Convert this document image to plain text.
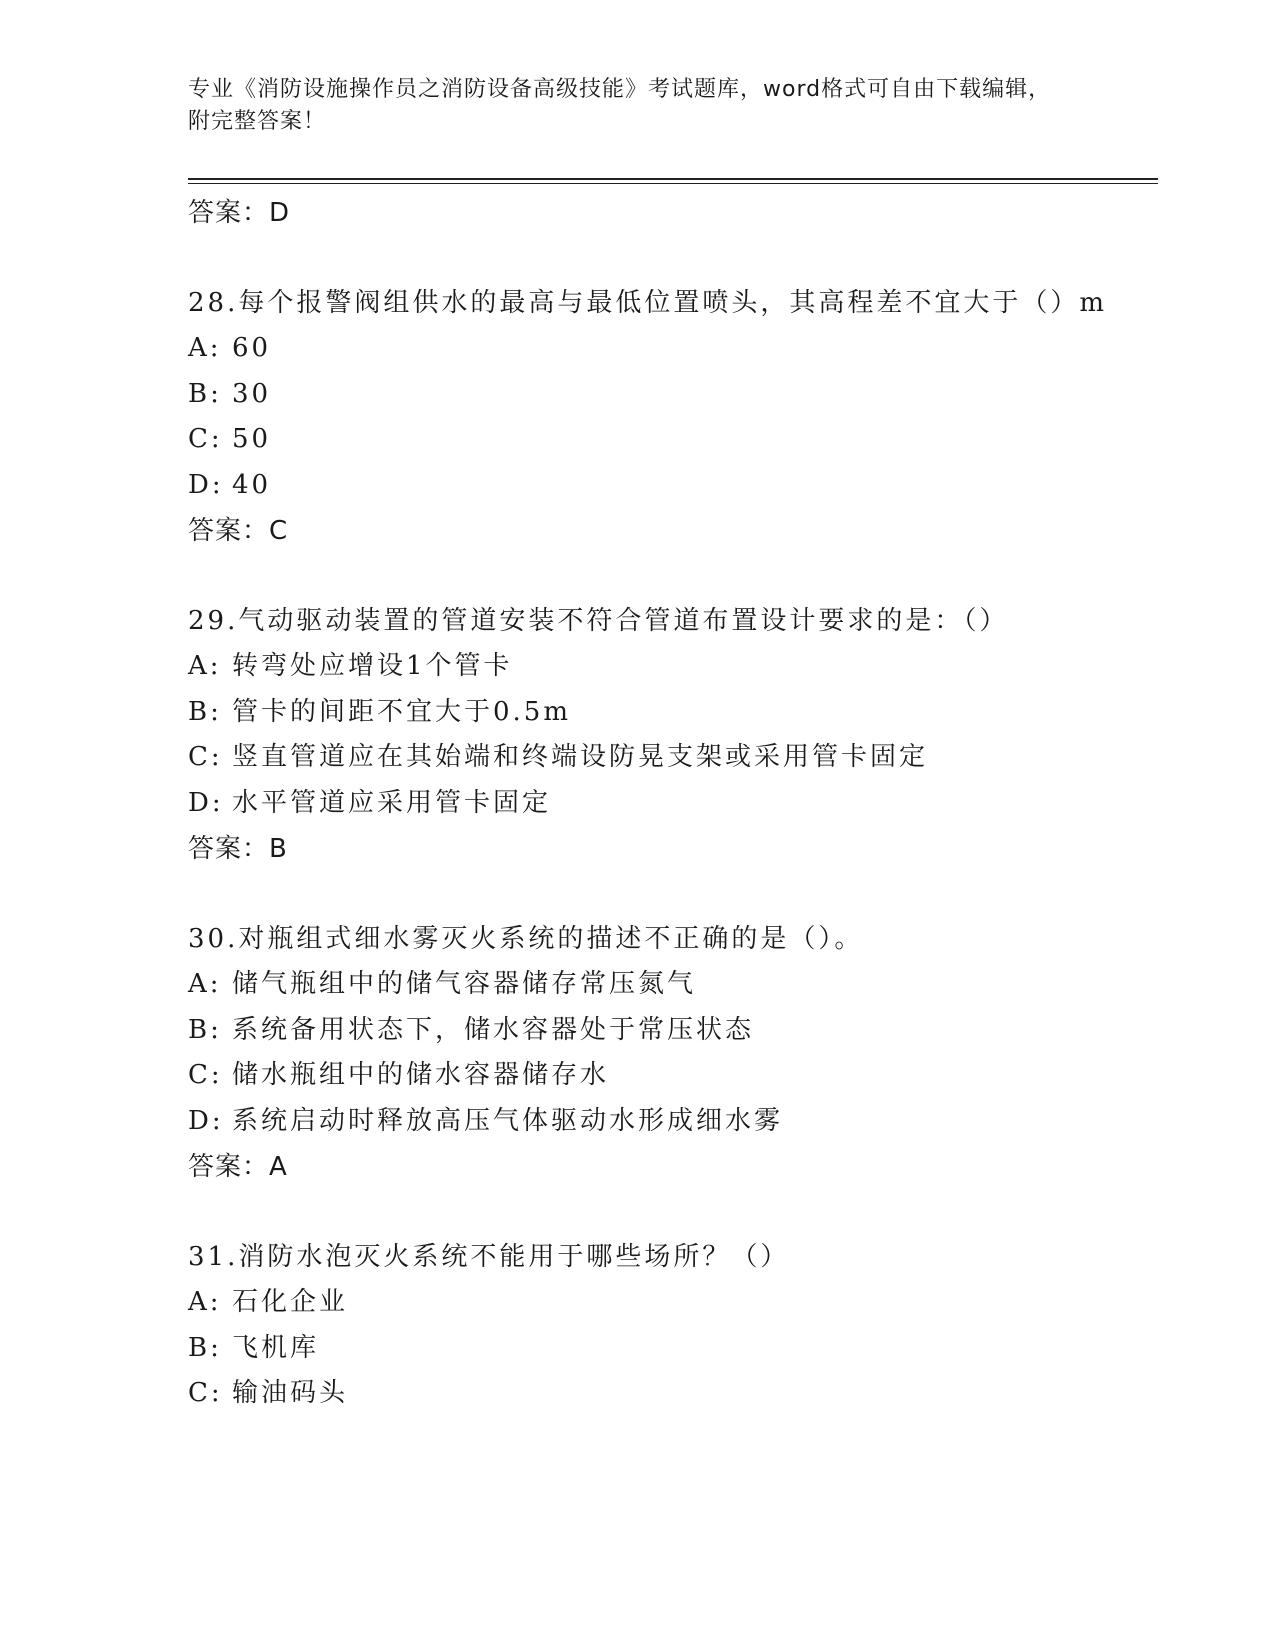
专业《消防设施操作员之消防设备高级技能》考试题库，word格式可自由下载编辑，附完整答案！
答案：D
28.每个报警阀组供水的最高与最低位置喷头，其高程差不宜大于（）m
A: 60
B: 30
C: 50
D: 40
答案：C
29.气动驱动装置的管道安装不符合管道布置设计要求的是：（）
A: 转弯处应增设1个管卡
B: 管卡的间距不宜大于0.5m
C: 竖直管道应在其始端和终端设防晃支架或采用管卡固定
D: 水平管道应采用管卡固定
答案：B
30.对瓶组式细水雾灭火系统的描述不正确的是（）。
A: 储气瓶组中的储气容器储存常压氮气
B: 系统备用状态下，储水容器处于常压状态
C: 储水瓶组中的储水容器储存水
D: 系统启动时释放高压气体驱动水形成细水雾
答案：A
31.消防水泡灭火系统不能用于哪些场所？（）
A: 石化企业
B: 飞机库
C: 输油码头
